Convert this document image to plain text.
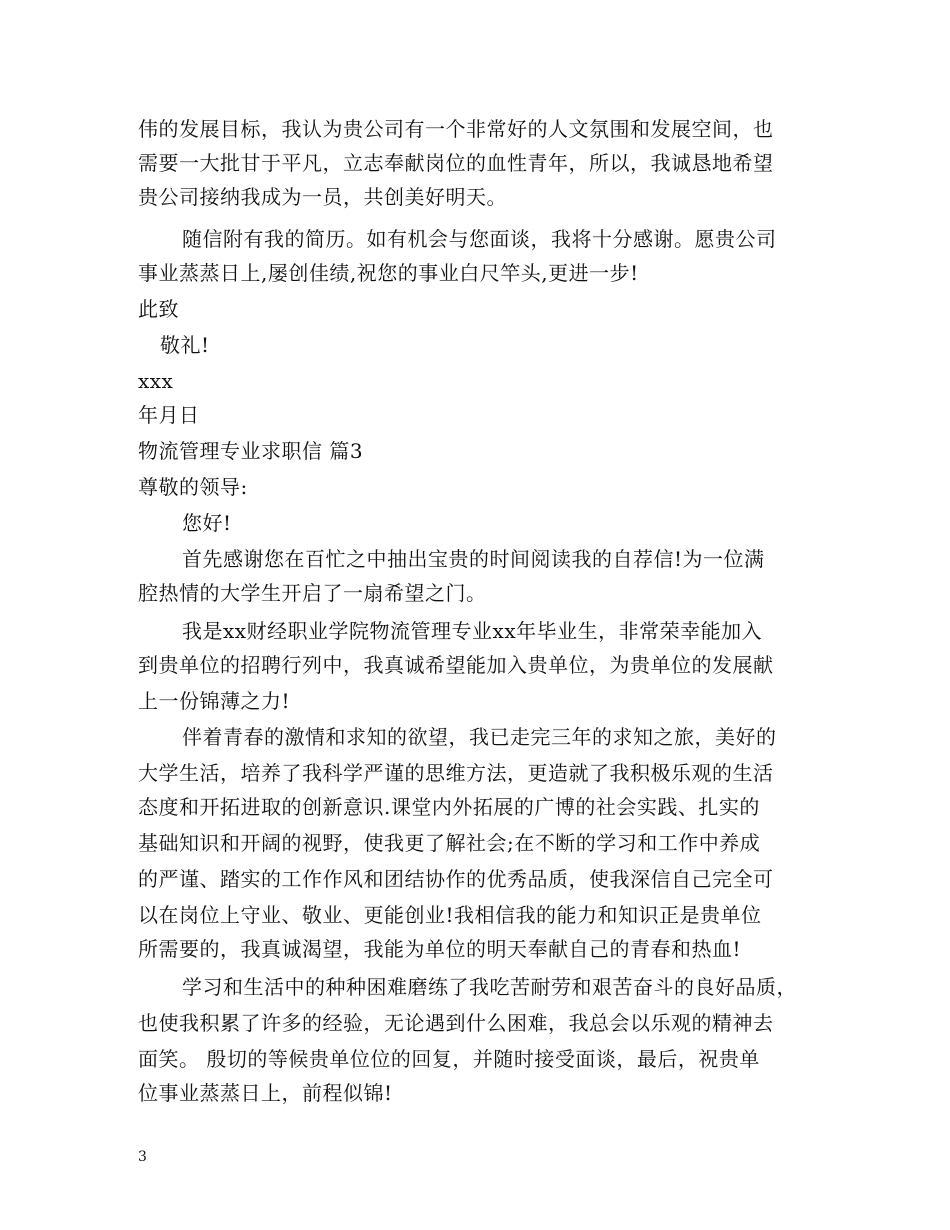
伟的发展目标，我认为贵公司有一个非常好的人文氛围和发展空间，也
需要一大批甘于平凡，立志奉献岗位的血性青年，所以，我诚恳地希望
贵公司接纳我成为一员，共创美好明天。
随信附有我的简历。如有机会与您面谈，我将十分感谢。愿贵公司
事业蒸蒸日上,屡创佳绩,祝您的事业白尺竿头,更进一步!
此致
敬礼!
xxx
年月日
物流管理专业求职信 篇3
尊敬的领导:
您好!
首先感谢您在百忙之中抽出宝贵的时间阅读我的自荐信!为一位满
腔热情的大学生开启了一扇希望之门。
我是xx财经职业学院物流管理专业xx年毕业生，非常荣幸能加入
到贵单位的招聘行列中，我真诚希望能加入贵单位，为贵单位的发展献
上一份锦薄之力!
伴着青春的激情和求知的欲望，我已走完三年的求知之旅，美好的
大学生活，培养了我科学严谨的思维方法，更造就了我积极乐观的生活
态度和开拓进取的创新意识.课堂内外拓展的广博的社会实践、扎实的
基础知识和开阔的视野，使我更了解社会;在不断的学习和工作中养成
的严谨、踏实的工作作风和团结协作的优秀品质，使我深信自己完全可
以在岗位上守业、敬业、更能创业!我相信我的能力和知识正是贵单位
所需要的，我真诚渴望，我能为单位的明天奉献自己的青春和热血!
学习和生活中的种种困难磨练了我吃苦耐劳和艰苦奋斗的良好品质，
也使我积累了许多的经验，无论遇到什么困难，我总会以乐观的精神去
面笑。 殷切的等候贵单位位的回复，并随时接受面谈，最后，祝贵单
位事业蒸蒸日上，前程似锦!
3
